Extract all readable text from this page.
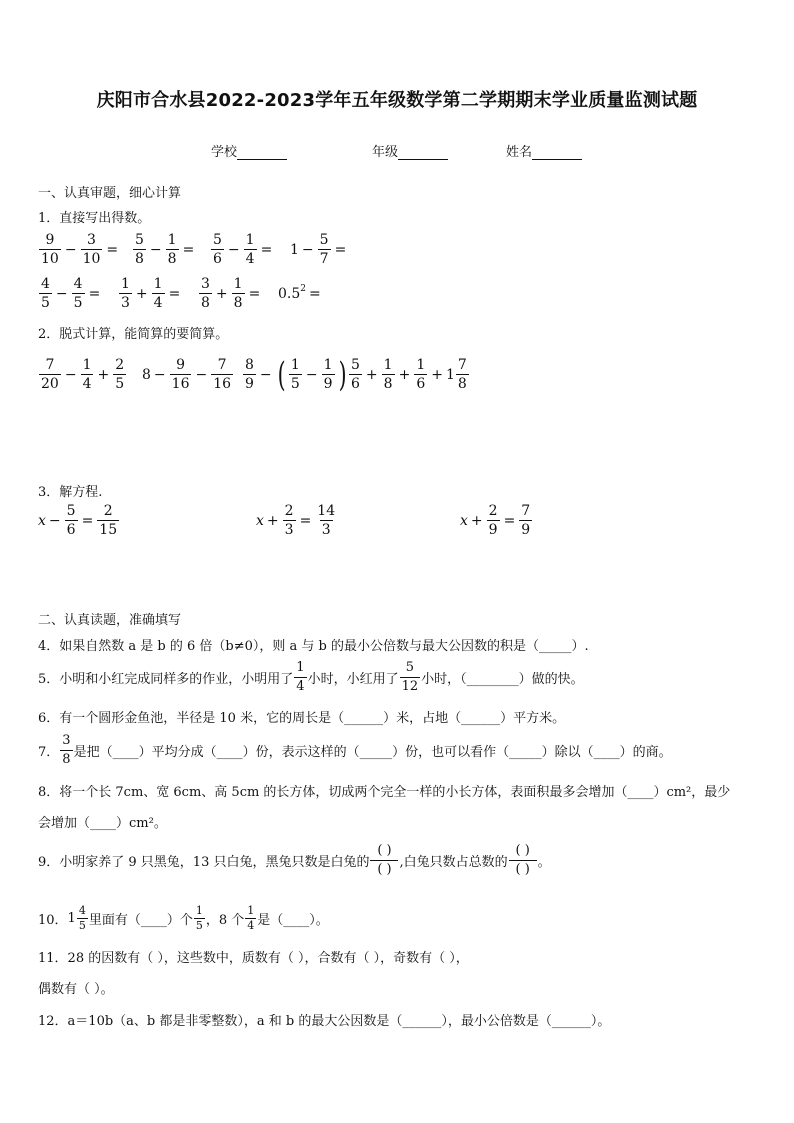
庆阳市合水县2022-2023学年五年级数学第二学期期末学业质量监测试题
学校	年级	姓名
一、认真审题，细心计算
1．直接写出得数。
$\frac{9}{10} - \frac{3}{10} = \frac{5}{8} - \frac{1}{8} = \frac{5}{6} - \frac{1}{4} = 1 - \frac{5}{7}$ =
$\frac{4}{5} - \frac{4}{5} = \frac{1}{3} + \frac{1}{4} = \frac{3}{8} + \frac{1}{8} = 0.5^2$ =
2．脱式计算，能简算的要简算。
$\frac{7}{20} - \frac{1}{4} + \frac{2}{5} 8 - \frac{9}{16} - \frac{7}{16} \frac{8}{9}$ − ( $\frac{1}{5} - \frac{1}{9}$ ) $\frac{5}{6} + \frac{1}{8} + \frac{1}{6} + 1 \frac{7}{8}$
3．解方程.
$x - \frac{5}{6} = \frac{2}{15}$	$x + \frac{2}{3} = \frac{14}{3}$	$x + \frac{2}{9} = \frac{7}{9}$
二、认真读题，准确填写
4．如果自然数 a 是 b 的 6 倍（b≠0），则 a 与 b 的最小公倍数与最大公因数的积是（_____）.
5．小明和小红完成同样多的作业，小明用了 $\frac{1}{4}$ 小时，小红用了 $\frac{5}{12}$ 小时，（________）做的快。
6．有一个圆形金鱼池，半径是 10 米，它的周长是（______）米，占地（______）平方米。
7． $\frac{3}{8}$ 是把（____）平均分成（____）份，表示这样的（_____）份，也可以看作（_____）除以（____）的商。
8．将一个长 7cm、宽 6cm、高 5cm 的长方体，切成两个完全一样的小长方体，表面积最多会增加（____）cm²，最少
会增加（____）cm²。
9．小明家养了 9 只黑兔，13 只白兔，黑兔只数是白兔的 $\frac{( )}{( )}$ ,白兔只数占总数的 $\frac{( )}{( )}$ 。
10． $1 \frac{4}{5}$ 里面有（____）个 $\frac{1}{5}$ ，8 个 $\frac{1}{4}$ 是（____）。
11．28 的因数有（ ），这些数中，质数有（ ），合数有（ ），奇数有（ ），
偶数有（ ）。
12．a＝10b（a、b 都是非零整数），a 和 b 的最大公因数是（______），最小公倍数是（______）。
